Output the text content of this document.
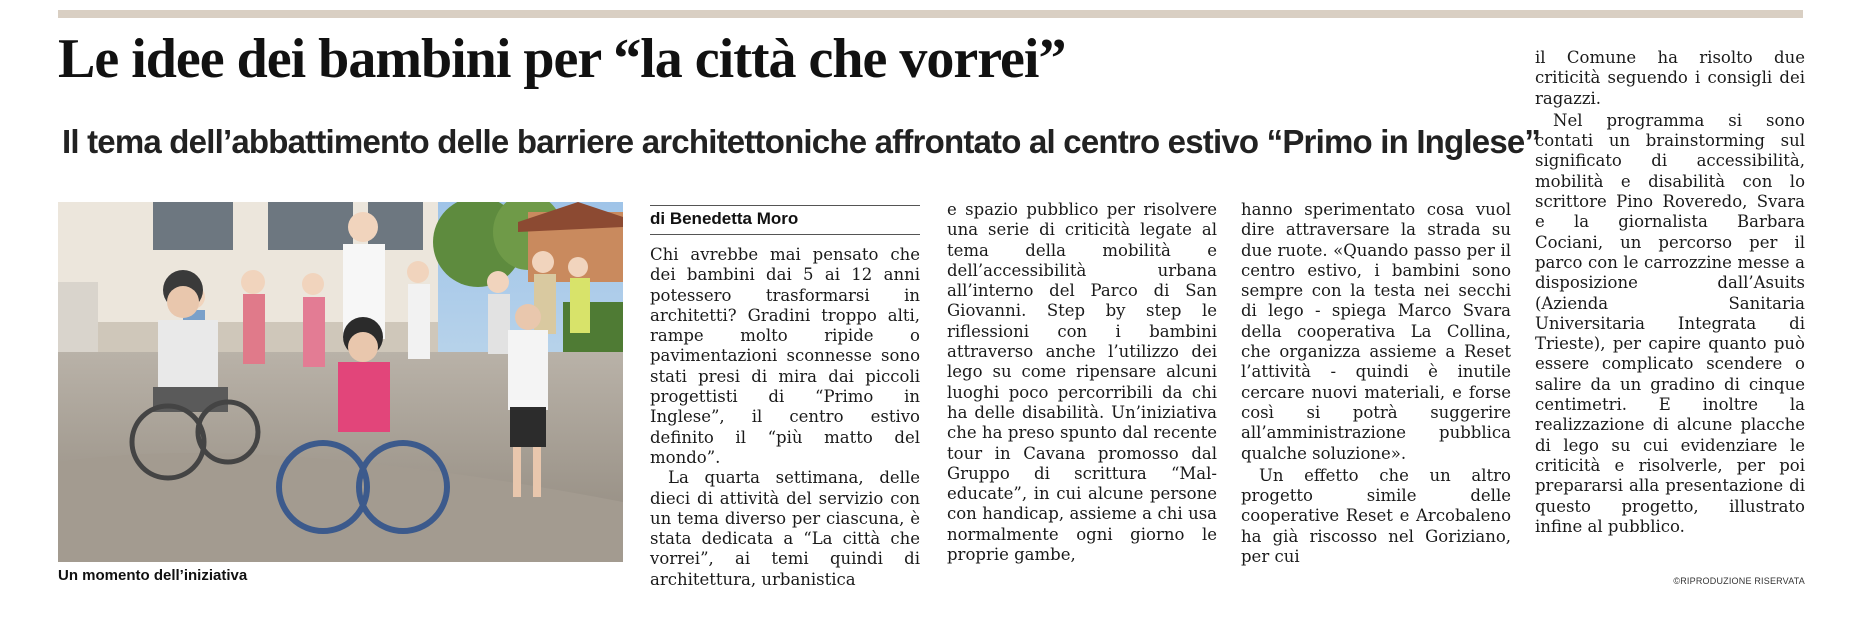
Le idee dei bambini per “la città che vorrei”
Il tema dell’abbattimento delle barriere architettoniche affrontato al centro estivo “Primo in Inglese”

Un momento dell’iniziativa

di Benedetta Moro

Chi avrebbe mai pensato che dei bambini dai 5 ai 12 anni potessero trasformarsi in architetti? Gradini troppo alti, rampe molto ripide o pavimentazioni sconnesse sono stati presi di mira dai piccoli progettisti di “Primo in Inglese”, il centro estivo definito il “più matto del mondo”.

La quarta settimana, delle dieci di attività del servizio con un tema diverso per ciascuna, è stata dedicata a “La città che vorrei”, ai temi quindi di architettura, urbanistica

e spazio pubblico per risolvere una serie di criticità legate al tema della mobilità e dell’accessibilità urbana all’interno del Parco di San Giovanni. Step by step le riflessioni con i bambini attraverso anche l’utilizzo dei lego su come ripensare alcuni luoghi poco percorribili da chi ha delle disabilità. Un’iniziativa che ha preso spunto dal recente tour in Cavana promosso dal Gruppo di scrittura “Mal-educate”, in cui alcune persone con handicap, assieme a chi usa normalmente ogni giorno le proprie gambe,

hanno sperimentato cosa vuol dire attraversare la strada su due ruote. «Quando passo per il centro estivo, i bambini sono sempre con la testa nei secchi di lego - spiega Marco Svara della cooperativa La Collina, che organizza assieme a Reset l’attività - quindi è inutile cercare nuovi materiali, e forse così si potrà suggerire all’amministrazione pubblica qualche soluzione».

Un effetto che un altro progetto simile delle cooperative Reset e Arcobaleno ha già riscosso nel Goriziano, per cui

il Comune ha risolto due criticità seguendo i consigli dei ragazzi.

Nel programma si sono contati un brainstorming sul significato di accessibilità, mobilità e disabilità con lo scrittore Pino Roveredo, Svara e la giornalista Barbara Cociani, un percorso per il parco con le carrozzine messe a disposizione dall’Asuits (Azienda Sanitaria Universitaria Integrata di Trieste), per capire quanto può essere complicato scendere o salire da un gradino di cinque centimetri. E inoltre la realizzazione di alcune placche di lego su cui evidenziare le criticità e risolverle, per poi prepararsi alla presentazione di questo progetto, illustrato infine al pubblico.

©RIPRODUZIONE RISERVATA
